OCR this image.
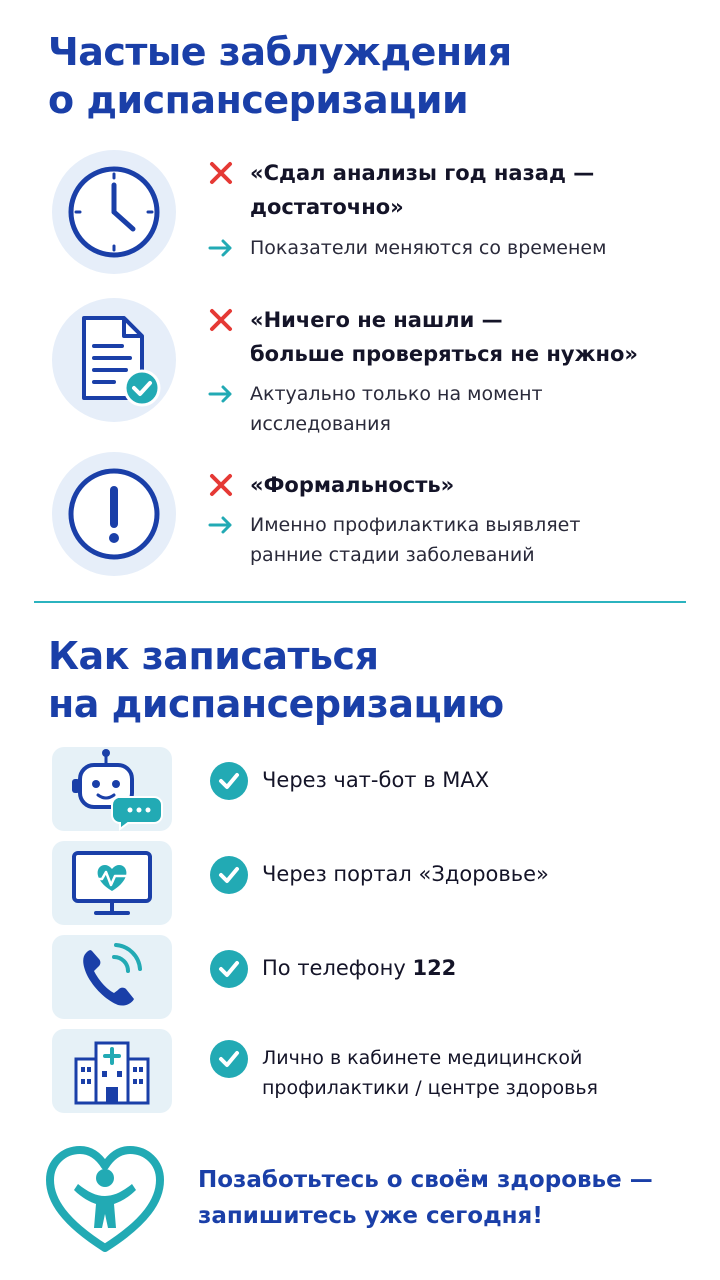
Частые заблуждения
о диспансеризации
«Сдал анализы год назад —
достаточно»
Показатели меняются со временем
«Ничего не нашли —
больше проверяться не нужно»
Актуально только на момент
исследования
«Формальность»
Именно профилактика выявляет
ранние стадии заболеваний
Как записаться
на диспансеризацию
Через чат-бот в MAX
Через портал «Здоровье»
По телефону 122
Лично в кабинете медицинской
профилактики / центре здоровья
Позаботьтесь о своём здоровье —
запишитесь уже сегодня!
